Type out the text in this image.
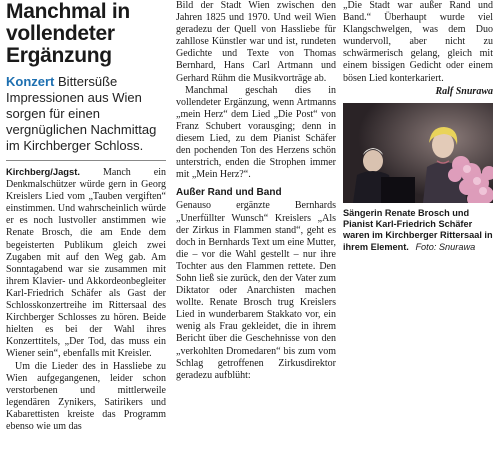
Manchmal in vollendeter Ergänzung
Konzert Bittersüße Impressionen aus Wien sorgen für einen vergnüglichen Nachmittag im Kirchberger Schloss.

Kirchberg/Jagst. Manch ein Denkmalschützer würde gern in Georg Kreislers Lied vom „Tauben vergiften“ einstimmen. Und wahrscheinlich würde er es noch lustvoller anstimmen wie Renate Brosch, die am Ende dem begeisterten Publikum gleich zwei Zugaben mit auf den Weg gab. Am Sonntagabend war sie zusammen mit ihrem Klavier- und Akkordeonbegleiter Karl-Friedrich Schäfer als Gast der Schlosskonzertreihe im Rittersaal des Kirchberger Schlosses zu hören. Beide hielten es bei der Wahl ihres Konzerttitels, „Der Tod, das muss ein Wiener sein“, ebenfalls mit Kreisler.

Um die Lieder des in Hassliebe zu Wien aufgegangenen, leider schon verstorbenen und mittlerweile legendären Zynikers, Satirikers und Kabarettisten kreiste das Programm ebenso wie um das

Bild der Stadt Wien zwischen den Jahren 1825 und 1970. Und weil Wien geradezu der Quell von Hassliebe für zahllose Künstler war und ist, rundeten Gedichte und Texte von Thomas Bernhard, Hans Carl Artmann und Gerhard Rühm die Musikvorträge ab.

Manchmal geschah dies in vollendeter Ergänzung, wenn Artmanns „mein Herz“ dem Lied „Die Post“ von Franz Schubert vorausging; denn in diesem Lied, zu dem Pianist Schäfer den pochenden Ton des Herzens schön unterstrich, enden die Strophen immer mit „Mein Herz?“.

Außer Rand und Band

Genauso ergänzte Bernhards „Unerfüllter Wunsch“ Kreislers „Als der Zirkus in Flammen stand“, geht es doch in Bernhards Text um eine Mutter, die – vor die Wahl gestellt – nur ihre Tochter aus den Flammen rettete. Den Sohn ließ sie zurück, den der Vater zum Diktator oder Anarchisten machen wollte. Renate Brosch trug Kreislers Lied in wunderbarem Stakkato vor, ein wenig als Frau gekleidet, die in ihrem Bericht über die Geschehnisse von den „verkohlten Dromedaren“ bis zum vom Schlag getroffenen Zirkusdirektor geradezu aufblüht:

„Die Stadt war außer Rand und Band.“ Überhaupt wurde viel Klangschwelgen, was dem Duo wundervoll, aber nicht zu schwärmerisch gelang, gleich mit einem bissigen Gedicht oder einem bösen Lied konterkariert.

Ralf Snurawa

Sängerin Renate Brosch und Pianist Karl-Friedrich Schäfer waren im Kirchberger Rittersaal in ihrem Element. Foto: Snurawa
